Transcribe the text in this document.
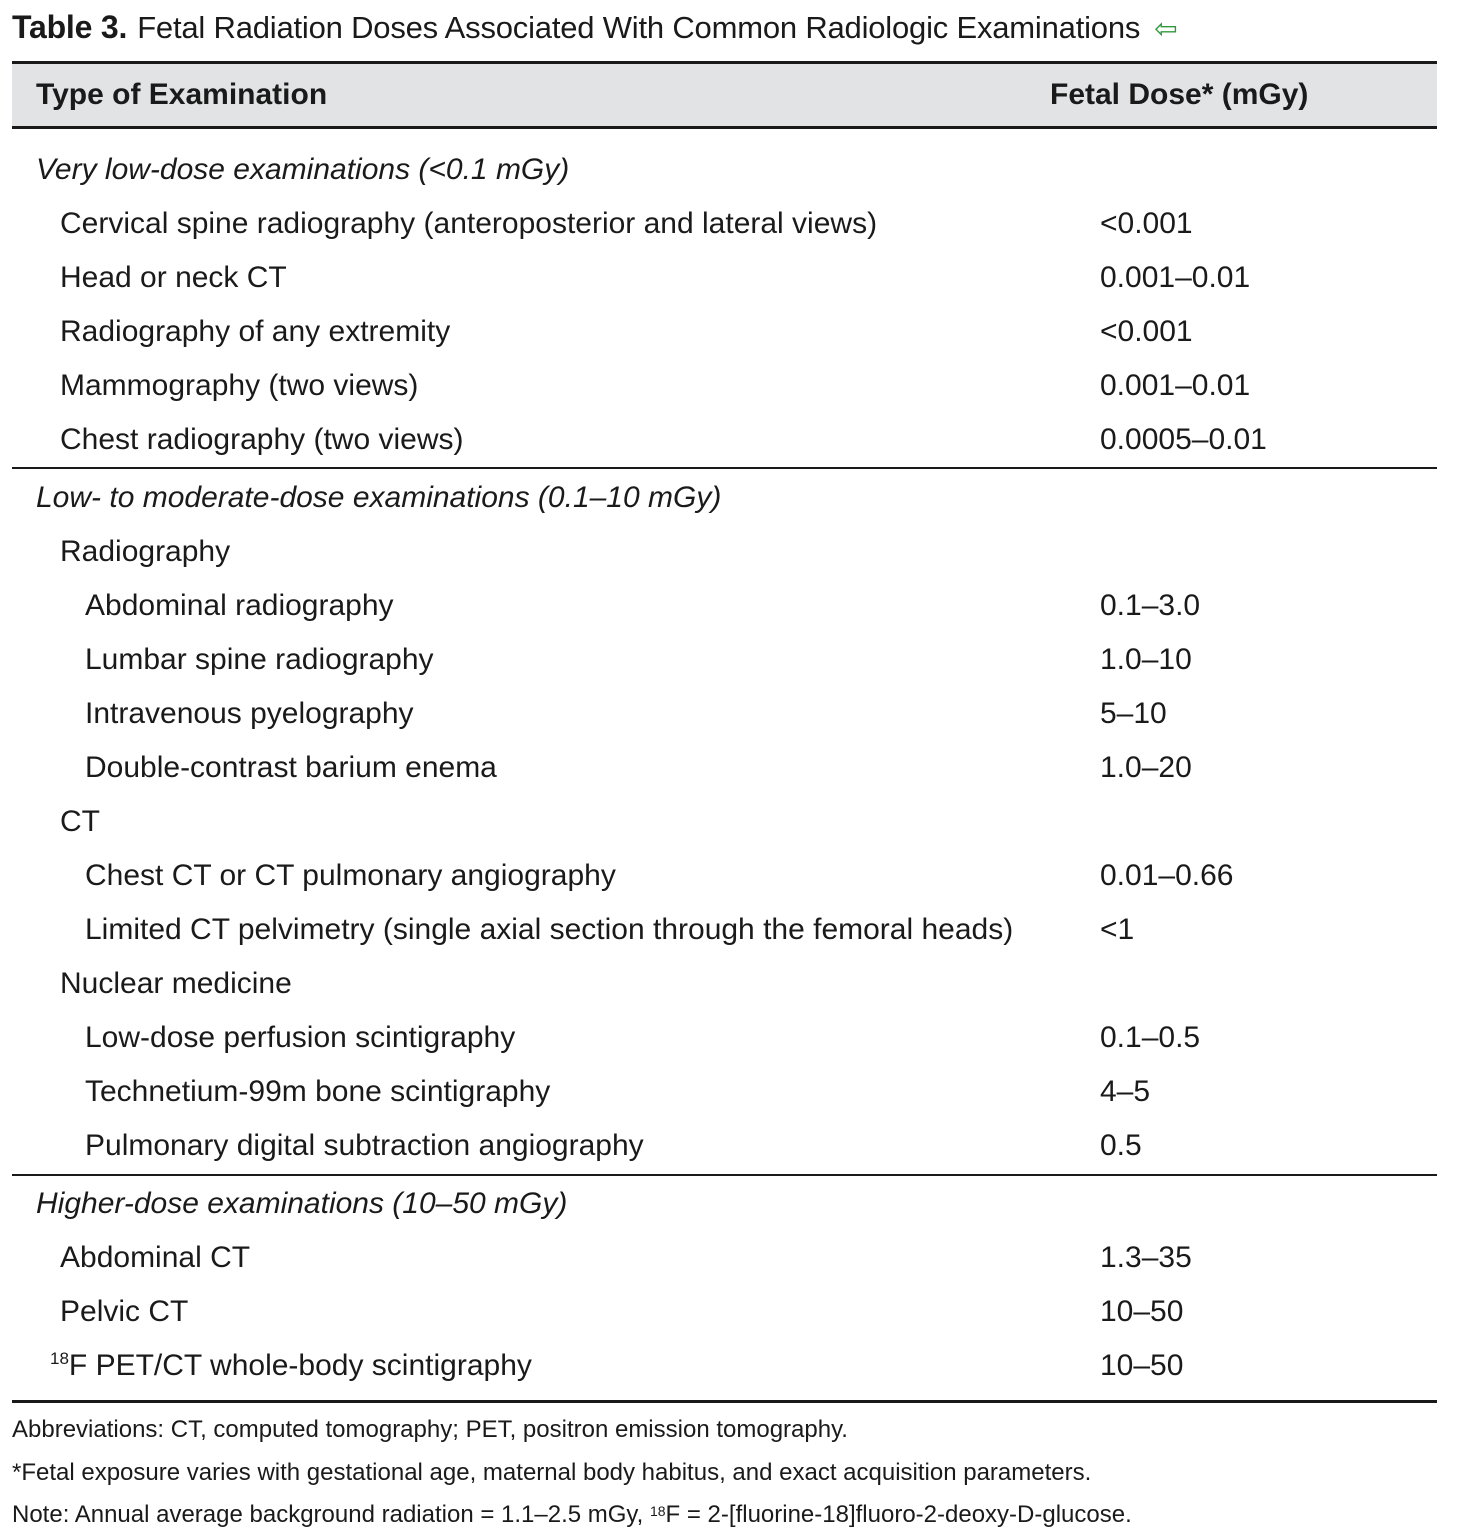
Table 3. Fetal Radiation Doses Associated With Common Radiologic Examinations ⇦
Type of Examination	Fetal Dose* (mGy)
Very low-dose examinations (<0.1 mGy)
Cervical spine radiography (anteroposterior and lateral views)	<0.001
Head or neck CT	0.001–0.01
Radiography of any extremity	<0.001
Mammography (two views)	0.001–0.01
Chest radiography (two views)	0.0005–0.01
Low- to moderate-dose examinations (0.1–10 mGy)
Radiography
Abdominal radiography	0.1–3.0
Lumbar spine radiography	1.0–10
Intravenous pyelography	5–10
Double-contrast barium enema	1.0–20
CT
Chest CT or CT pulmonary angiography	0.01–0.66
Limited CT pelvimetry (single axial section through the femoral heads)	<1
Nuclear medicine
Low-dose perfusion scintigraphy	0.1–0.5
Technetium-99m bone scintigraphy	4–5
Pulmonary digital subtraction angiography	0.5
Higher-dose examinations (10–50 mGy)
Abdominal CT	1.3–35
Pelvic CT	10–50
$^{18}$F PET/CT whole-body scintigraphy	10–50
Abbreviations: CT, computed tomography; PET, positron emission tomography.
*Fetal exposure varies with gestational age, maternal body habitus, and exact acquisition parameters.
Note: Annual average background radiation = 1.1–2.5 mGy, $^{18}$F = 2-[fluorine-18]fluoro-2-deoxy-D-glucose.
